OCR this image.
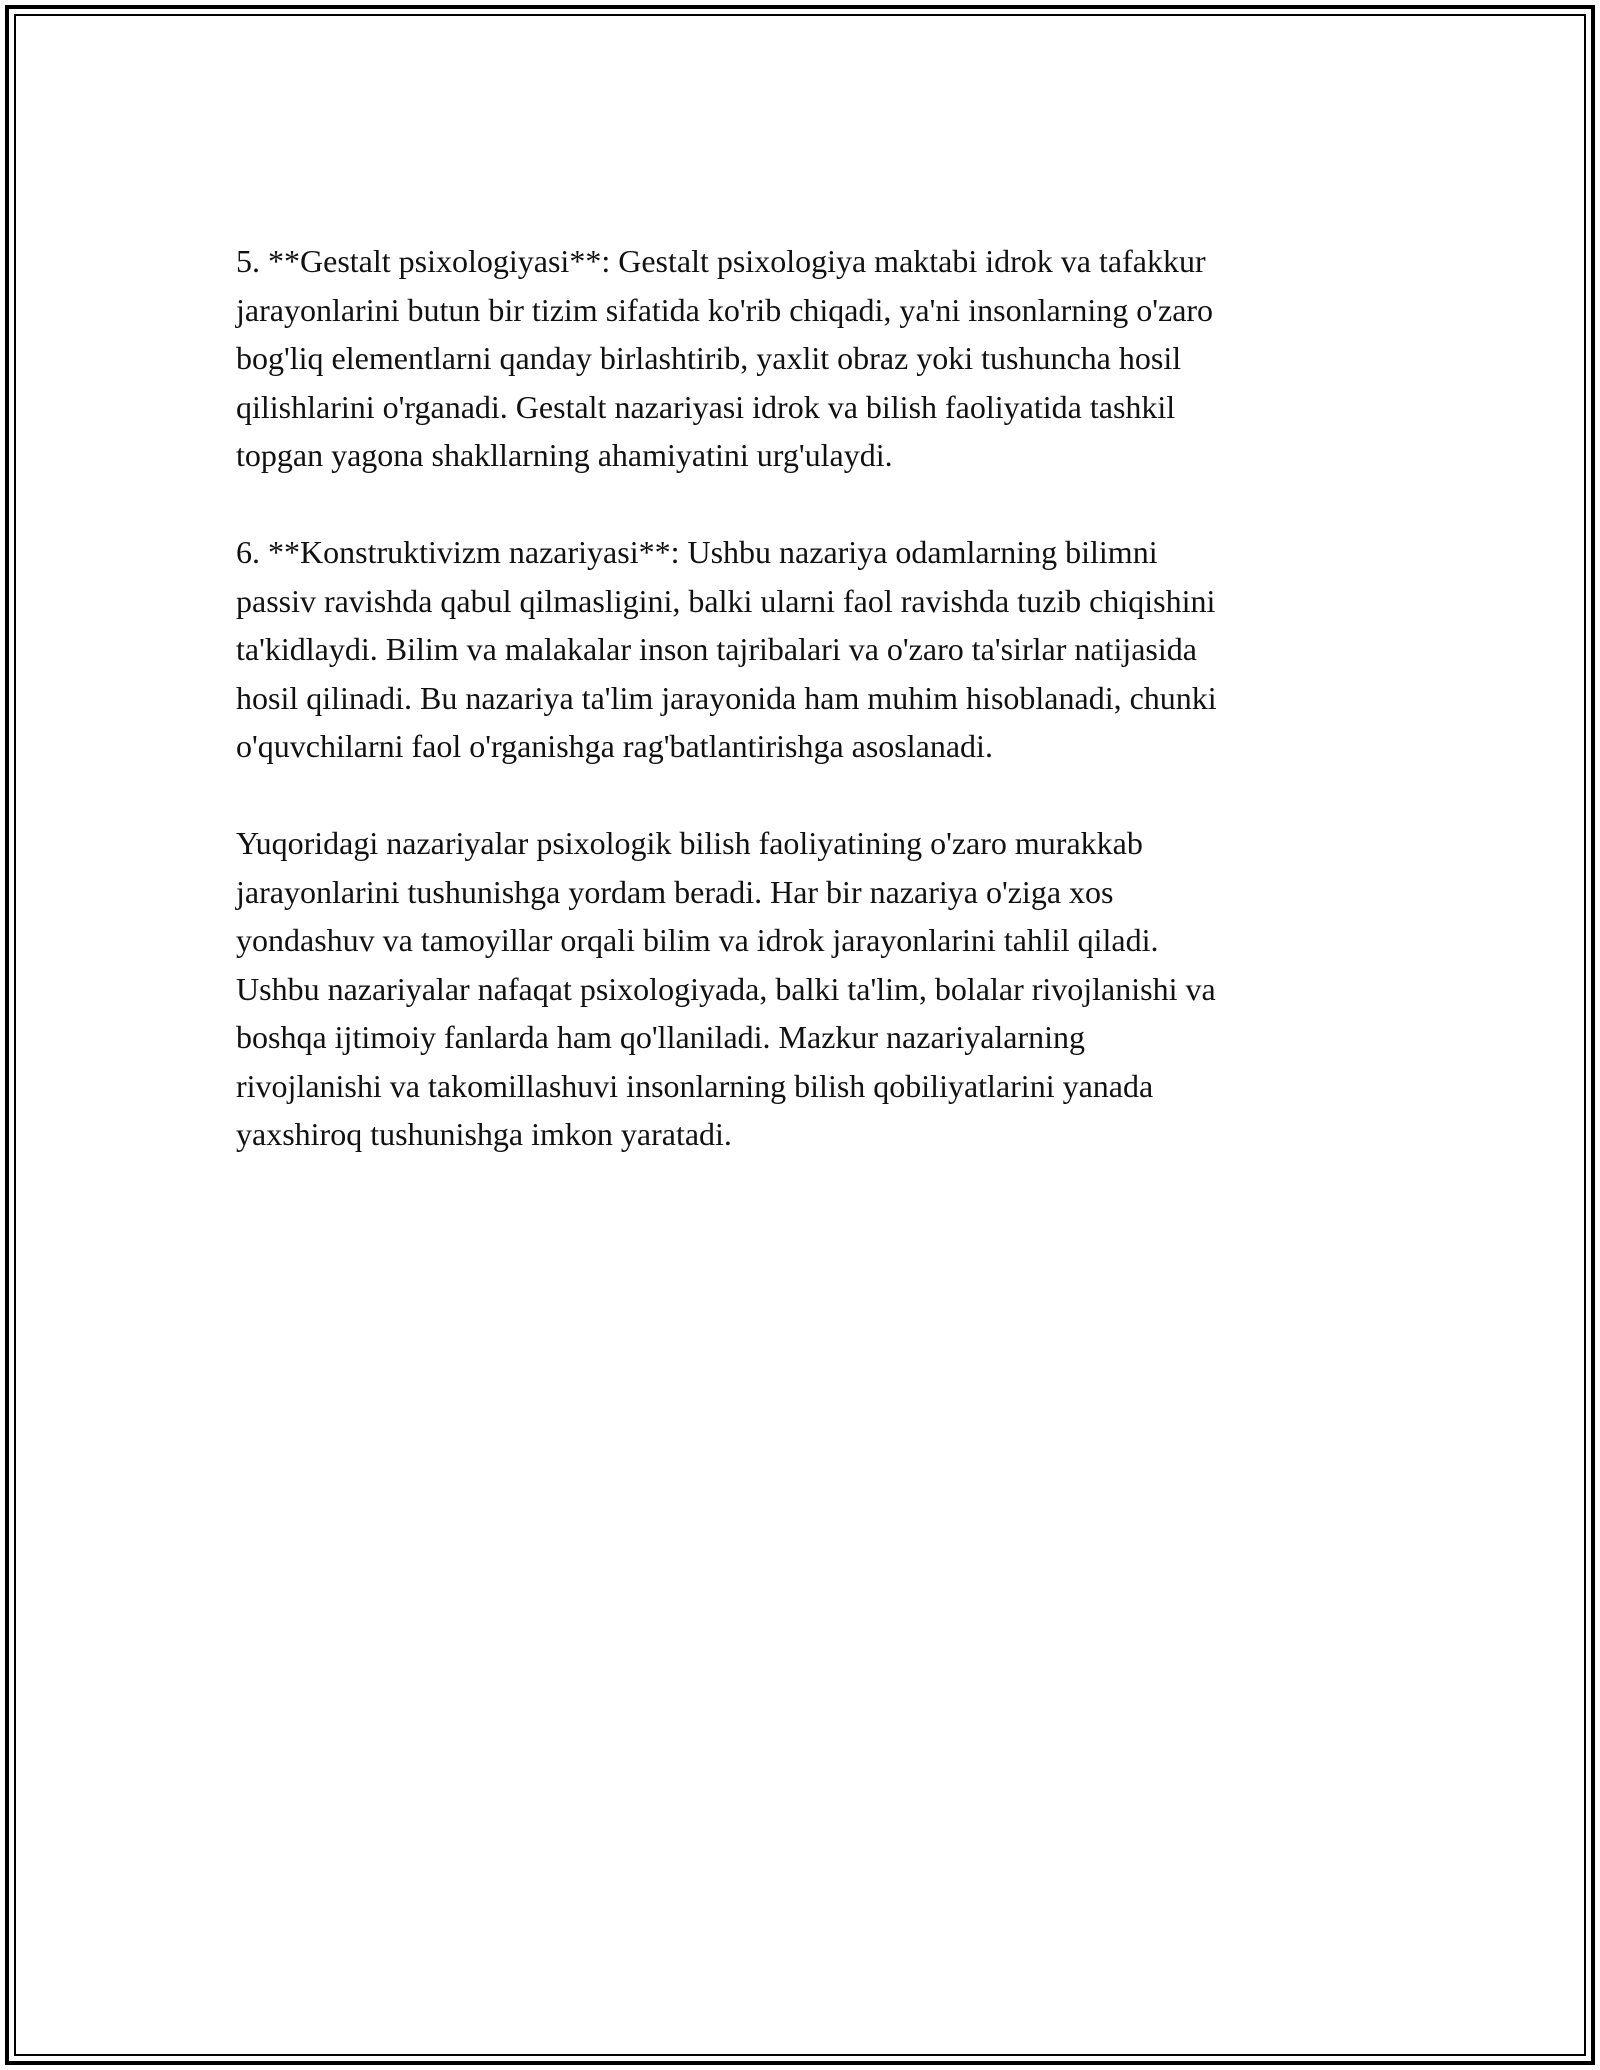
5. **Gestalt psixologiyasi**: Gestalt psixologiya maktabi idrok va tafakkur
jarayonlarini butun bir tizim sifatida ko'rib chiqadi, ya'ni insonlarning o'zaro
bog'liq elementlarni qanday birlashtirib, yaxlit obraz yoki tushuncha hosil
qilishlarini o'rganadi. Gestalt nazariyasi idrok va bilish faoliyatida tashkil
topgan yagona shakllarning ahamiyatini urg'ulaydi.

6. **Konstruktivizm nazariyasi**: Ushbu nazariya odamlarning bilimni
passiv ravishda qabul qilmasligini, balki ularni faol ravishda tuzib chiqishini
ta'kidlaydi. Bilim va malakalar inson tajribalari va o'zaro ta'sirlar natijasida
hosil qilinadi. Bu nazariya ta'lim jarayonida ham muhim hisoblanadi, chunki
o'quvchilarni faol o'rganishga rag'batlantirishga asoslanadi.

Yuqoridagi nazariyalar psixologik bilish faoliyatining o'zaro murakkab
jarayonlarini tushunishga yordam beradi. Har bir nazariya o'ziga xos
yondashuv va tamoyillar orqali bilim va idrok jarayonlarini tahlil qiladi.
Ushbu nazariyalar nafaqat psixologiyada, balki ta'lim, bolalar rivojlanishi va
boshqa ijtimoiy fanlarda ham qo'llaniladi. Mazkur nazariyalarning
rivojlanishi va takomillashuvi insonlarning bilish qobiliyatlarini yanada
yaxshiroq tushunishga imkon yaratadi.
